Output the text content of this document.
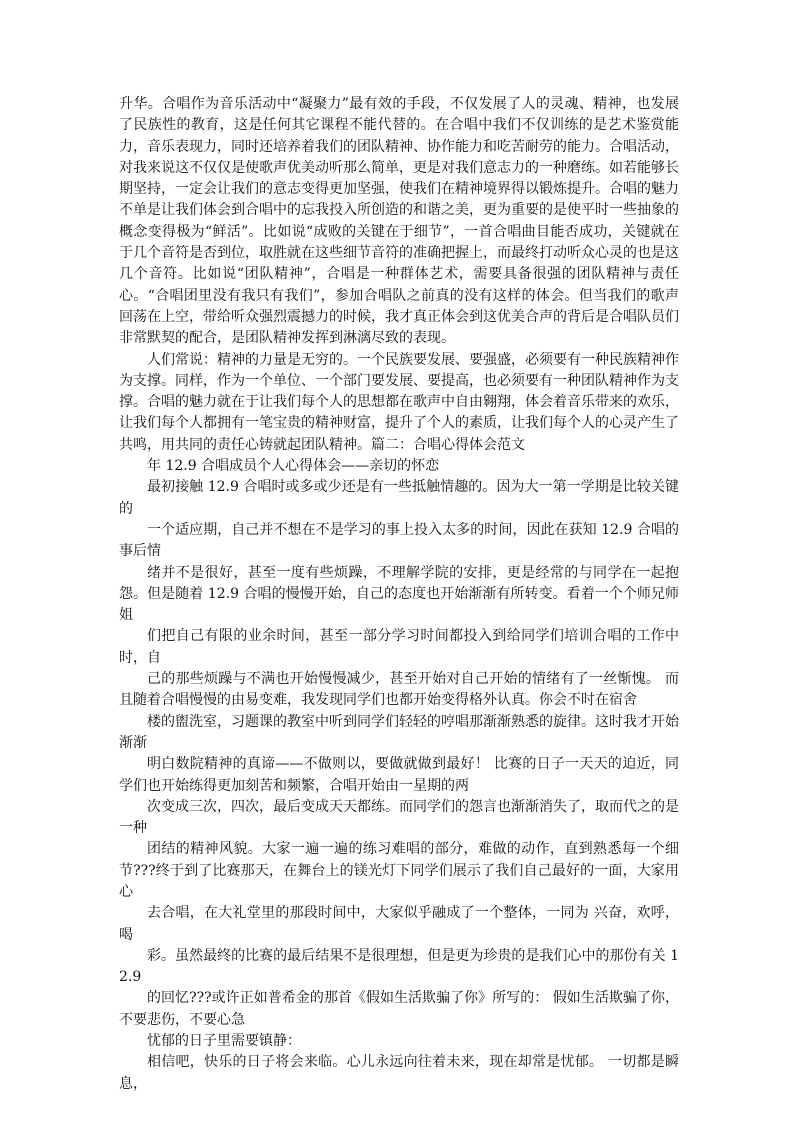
升华。合唱作为音乐活动中“凝聚力”最有效的手段，不仅发展了人的灵魂、精神，也发展了民族性的教育，这是任何其它课程不能代替的。在合唱中我们不仅训练的是艺术鉴赏能力，音乐表现力，同时还培养着我们的团队精神、协作能力和吃苦耐劳的能力。合唱活动，对我来说这不仅仅是使歌声优美动听那么简单，更是对我们意志力的一种磨练。如若能够长期坚持，一定会让我们的意志变得更加坚强，使我们在精神境界得以锻炼提升。合唱的魅力不单是让我们体会到合唱中的忘我投入所创造的和谐之美，更为重要的是使平时一些抽象的概念变得极为“鲜活”。比如说“成败的关键在于细节”，一首合唱曲目能否成功，关键就在于几个音符是否到位，取胜就在这些细节音符的准确把握上，而最终打动听众心灵的也是这几个音符。比如说“团队精神”，合唱是一种群体艺术，需要具备很强的团队精神与责任心。“合唱团里没有我只有我们”，参加合唱队之前真的没有这样的体会。但当我们的歌声回荡在上空，带给听众强烈震撼力的时候，我才真正体会到这优美合声的背后是合唱队员们非常默契的配合，是团队精神发挥到淋漓尽致的表现。

人们常说：精神的力量是无穷的。一个民族要发展、要强盛，必须要有一种民族精神作为支撑。同样，作为一个单位、一个部门要发展、要提高，也必须要有一种团队精神作为支撑。合唱的魅力就在于让我们每个人的思想都在歌声中自由翱翔，体会着音乐带来的欢乐，让我们每个人都拥有一笔宝贵的精神财富，提升了个人的素质，让我们每个人的心灵产生了共鸣，用共同的责任心铸就起团队精神。篇二：合唱心得体会范文

年 12.9 合唱成员个人心得体会——亲切的怀恋

最初接触 12.9 合唱时或多或少还是有一些抵触情趣的。因为大一第一学期是比较关键的

一个适应期，自己并不想在不是学习的事上投入太多的时间，因此在获知 12.9 合唱的事后情

绪并不是很好，甚至一度有些烦躁，不理解学院的安排，更是经常的与同学在一起抱怨。但是随着 12.9 合唱的慢慢开始，自己的态度也开始渐渐有所转变。看着一个个师兄师姐

们把自己有限的业余时间，甚至一部分学习时间都投入到给同学们培训合唱的工作中时，自

己的那些烦躁与不满也开始慢慢减少，甚至开始对自己开始的情绪有了一丝惭愧。 而且随着合唱慢慢的由易变难，我发现同学们也都开始变得格外认真。你会不时在宿舍

楼的盥洗室，习题课的教室中听到同学们轻轻的哼唱那渐渐熟悉的旋律。这时我才开始渐渐

明白数院精神的真谛——不做则以，要做就做到最好！ 比赛的日子一天天的迫近，同学们也开始练得更加刻苦和频繁，合唱开始由一星期的两

次变成三次，四次，最后变成天天都练。而同学们的怨言也渐渐消失了，取而代之的是一种

团结的精神风貌。大家一遍一遍的练习难唱的部分，难做的动作，直到熟悉每一个细节???终于到了比赛那天，在舞台上的镁光灯下同学们展示了我们自己最好的一面，大家用心

去合唱，在大礼堂里的那段时间中，大家似乎融成了一个整体，一同为 兴奋，欢呼，喝

彩。虽然最终的比赛的最后结果不是很理想，但是更为珍贵的是我们心中的那份有关 12.9

的回忆???或许正如普希金的那首《假如生活欺骗了你》所写的： 假如生活欺骗了你，不要悲伤，不要心急

忧郁的日子里需要镇静：

相信吧，快乐的日子将会来临。心儿永远向往着未来，现在却常是忧郁。 一切都是瞬息，
